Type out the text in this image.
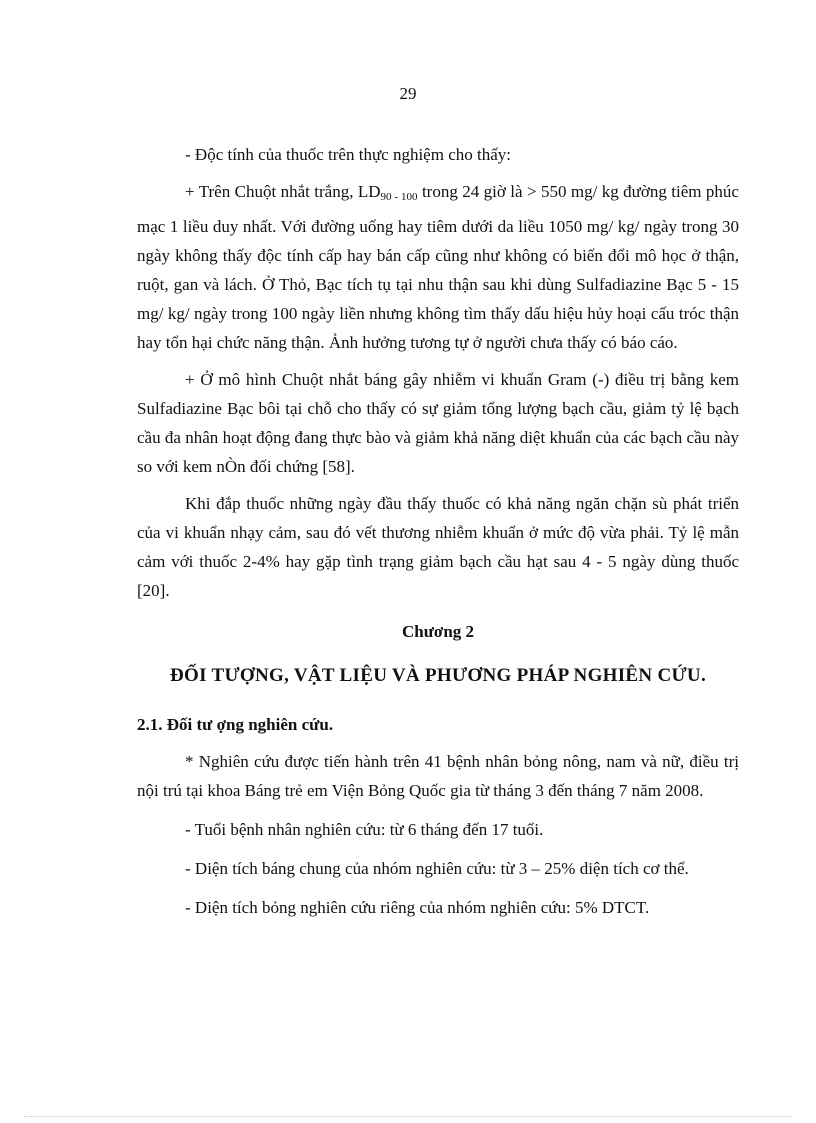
29

- Độc tính của thuốc trên thực nghiệm cho thấy:

+ Trên Chuột nhắt trắng, $LD_{90 - 100}$ trong 24 giờ là > 550 mg/ kg đường tiêm phúc mạc 1 liều duy nhất. Với đường uống hay tiêm dưới da liều 1050 mg/ kg/ ngày trong 30 ngày không thấy độc tính cấp hay bán cấp cũng như không có biến đổi mô học ở thận, ruột, gan và lách. Ở Thỏ, Bạc tích tụ tại nhu thận sau khi dùng Sulfadiazine Bạc 5 - 15 mg/ kg/ ngày trong 100 ngày liền nhưng không tìm thấy dấu hiệu hủy hoại cấu tróc thận hay tổn hại chức năng thận. Ảnh hưởng tương tự ở người chưa thấy có báo cáo.

+ Ở mô hình Chuột nhắt báng gây nhiễm vi khuẩn Gram (-) điều trị bằng kem Sulfadiazine Bạc bôi tại chỗ cho thấy có sự giảm tổng lượng bạch cầu, giảm tỷ lệ bạch cầu đa nhân hoạt động đang thực bào và giảm khả năng diệt khuẩn của các bạch cầu này so với kem nÒn đối chứng [58].

Khi đắp thuốc những ngày đầu thấy thuốc có khả năng ngăn chặn sù phát triển của vi khuẩn nhạy cảm, sau đó vết thương nhiễm khuẩn ở mức độ vừa phải. Tỷ lệ mẫn cảm với thuốc 2-4% hay gặp tình trạng giảm bạch cầu hạt sau 4 - 5 ngày dùng thuốc [20].

Chương 2
ĐỐI TƯỢNG, VẬT LIỆU VÀ PHƯƠNG PHÁP NGHIÊN CỨU.
2.1. Đối tư ợng nghiên cứu.

* Nghiên cứu được tiến hành trên 41 bệnh nhân bỏng nông, nam và nữ, điều trị nội trú tại khoa Báng trẻ em Viện Bỏng Quốc gia từ tháng 3 đến tháng 7 năm 2008.

- Tuổi bệnh nhân nghiên cứu: từ 6 tháng đến 17 tuổi.

- Diện tích báng chung của nhóm nghiên cứu: từ 3 – 25% diện tích cơ thể.

- Diện tích bỏng nghiên cứu riêng của nhóm nghiên cứu: 5% DTCT.
